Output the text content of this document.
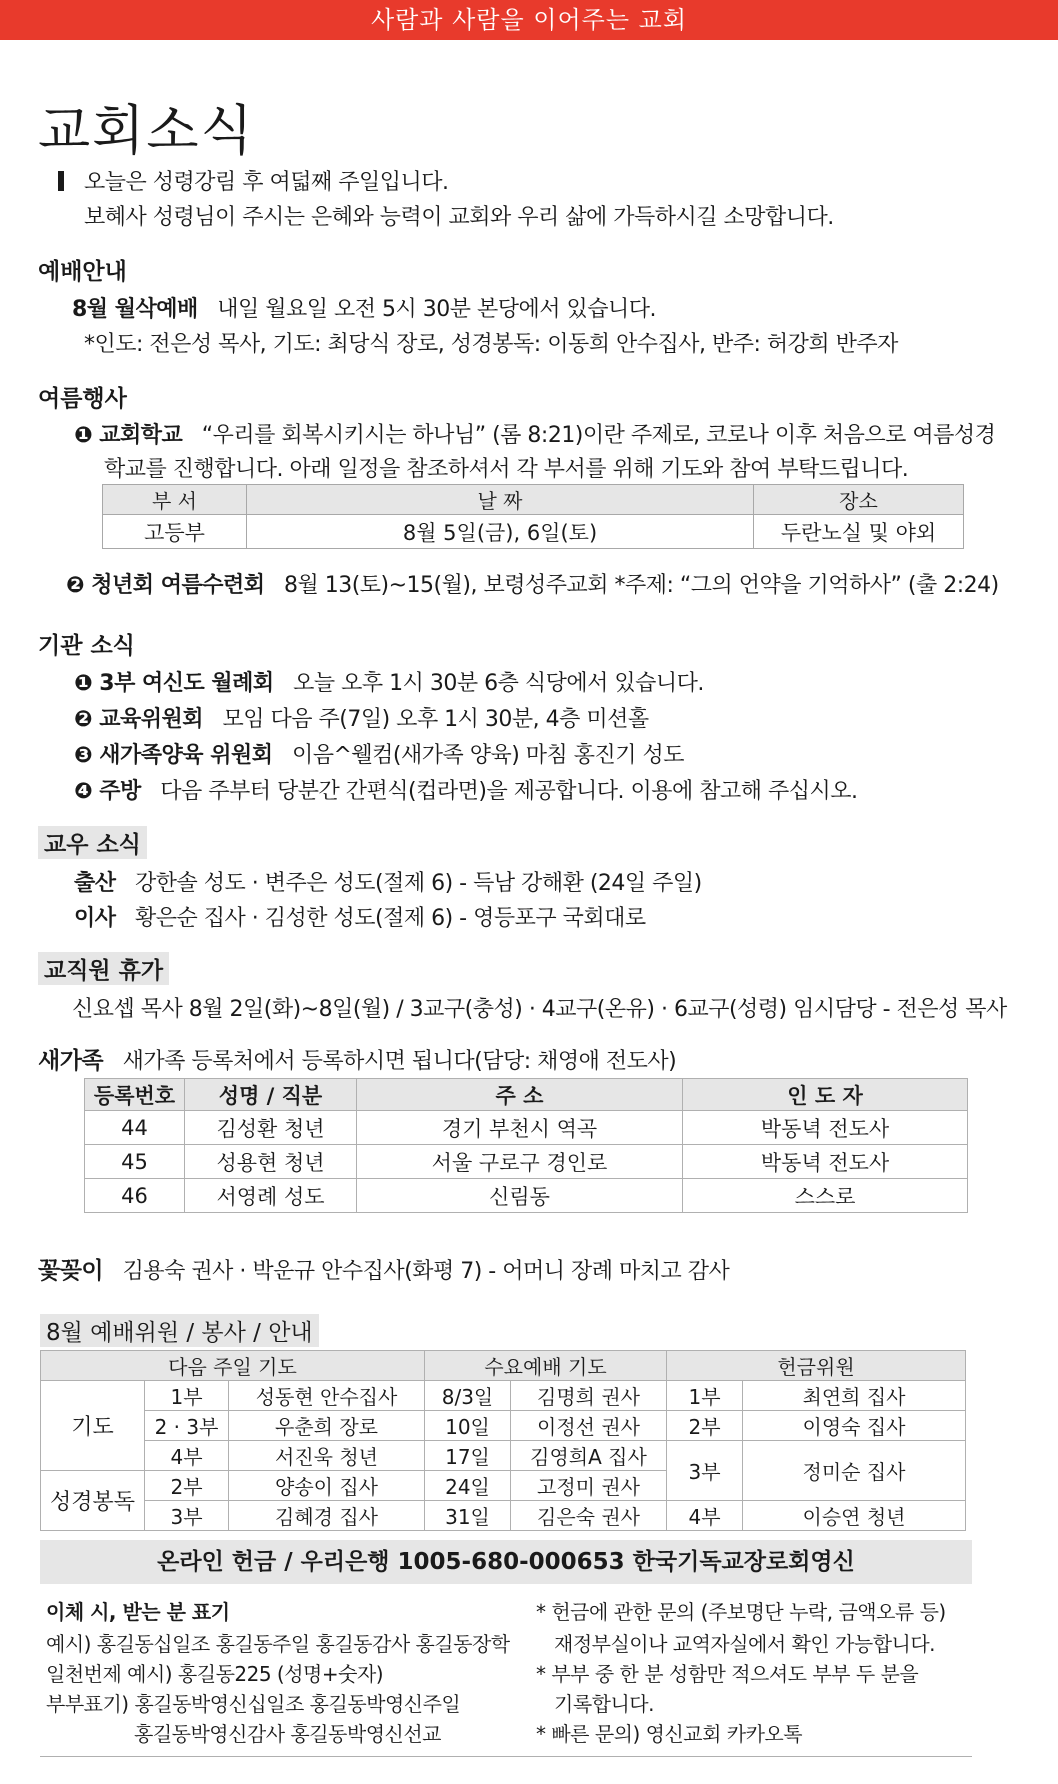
사람과 사람을 이어주는 교회
교회소식
오늘은 성령강림 후 여덟째 주일입니다.
보혜사 성령님이 주시는 은혜와 능력이 교회와 우리 삶에 가득하시길 소망합니다.
예배안내
8월 월삭예배 내일 월요일 오전 5시 30분 본당에서 있습니다.
*인도: 전은성 목사, 기도: 최당식 장로, 성경봉독: 이동희 안수집사, 반주: 허강희 반주자
여름행사
❶ 교회학교 “우리를 회복시키시는 하나님” (롬 8:21)이란 주제로, 코로나 이후 처음으로 여름성경
학교를 진행합니다. 아래 일정을 참조하셔서 각 부서를 위해 기도와 참여 부탁드립니다.
부 서	날 짜	장소
고등부	8월 5일(금), 6일(토)	두란노실 및 야외
❷ 청년회 여름수련회 8월 13(토)~15(월), 보령성주교회 *주제: “그의 언약을 기억하사” (출 2:24)
기관 소식
❶ 3부 여신도 월례회 오늘 오후 1시 30분 6층 식당에서 있습니다.
❷ 교육위원회 모임 다음 주(7일) 오후 1시 30분, 4층 미션홀
❸ 새가족양육 위원회 이음^웰컴(새가족 양육) 마침 홍진기 성도
❹ 주방 다음 주부터 당분간 간편식(컵라면)을 제공합니다. 이용에 참고해 주십시오.
교우 소식
출산 강한솔 성도 · 변주은 성도(절제 6) - 득남 강해환 (24일 주일)
이사 황은순 집사 · 김성한 성도(절제 6) - 영등포구 국회대로
교직원 휴가
신요셉 목사 8월 2일(화)~8일(월) / 3교구(충성) · 4교구(온유) · 6교구(성령) 임시담당 - 전은성 목사
새가족 새가족 등록처에서 등록하시면 됩니다(담당: 채영애 전도사)
등록번호	성명 / 직분	주 소	인 도 자
44	김성환 청년	경기 부천시 역곡	박동녁 전도사
45	성용현 청년	서울 구로구 경인로	박동녁 전도사
46	서영례 성도	신림동	스스로
꽃꽂이 김용숙 권사 · 박운규 안수집사(화평 7) - 어머니 장례 마치고 감사
8월 예배위원 / 봉사 / 안내
다음 주일 기도			수요예배 기도		헌금위원	
기도	1부	성동현 안수집사	8/3일	김명희 권사	1부	최연희 집사
	2 · 3부	우춘희 장로	10일	이정선 권사	2부	이영숙 집사
	4부	서진욱 청년	17일	김영희A 집사	3부	정미순 집사
성경봉독	2부	양송이 집사	24일	고정미 권사		
	3부	김혜경 집사	31일	김은숙 권사	4부	이승연 청년
온라인 헌금 / 우리은행 1005-680-000653 한국기독교장로회영신
이체 시, 받는 분 표기
예시) 홍길동십일조 홍길동주일 홍길동감사 홍길동장학
일천번제 예시) 홍길동225 (성명+숫자)
부부표기) 홍길동박영신십일조 홍길동박영신주일
홍길동박영신감사 홍길동박영신선교
* 헌금에 관한 문의 (주보명단 누락, 금액오류 등)
재정부실이나 교역자실에서 확인 가능합니다.
* 부부 중 한 분 성함만 적으셔도 부부 두 분을
기록합니다.
* 빠른 문의) 영신교회 카카오톡
